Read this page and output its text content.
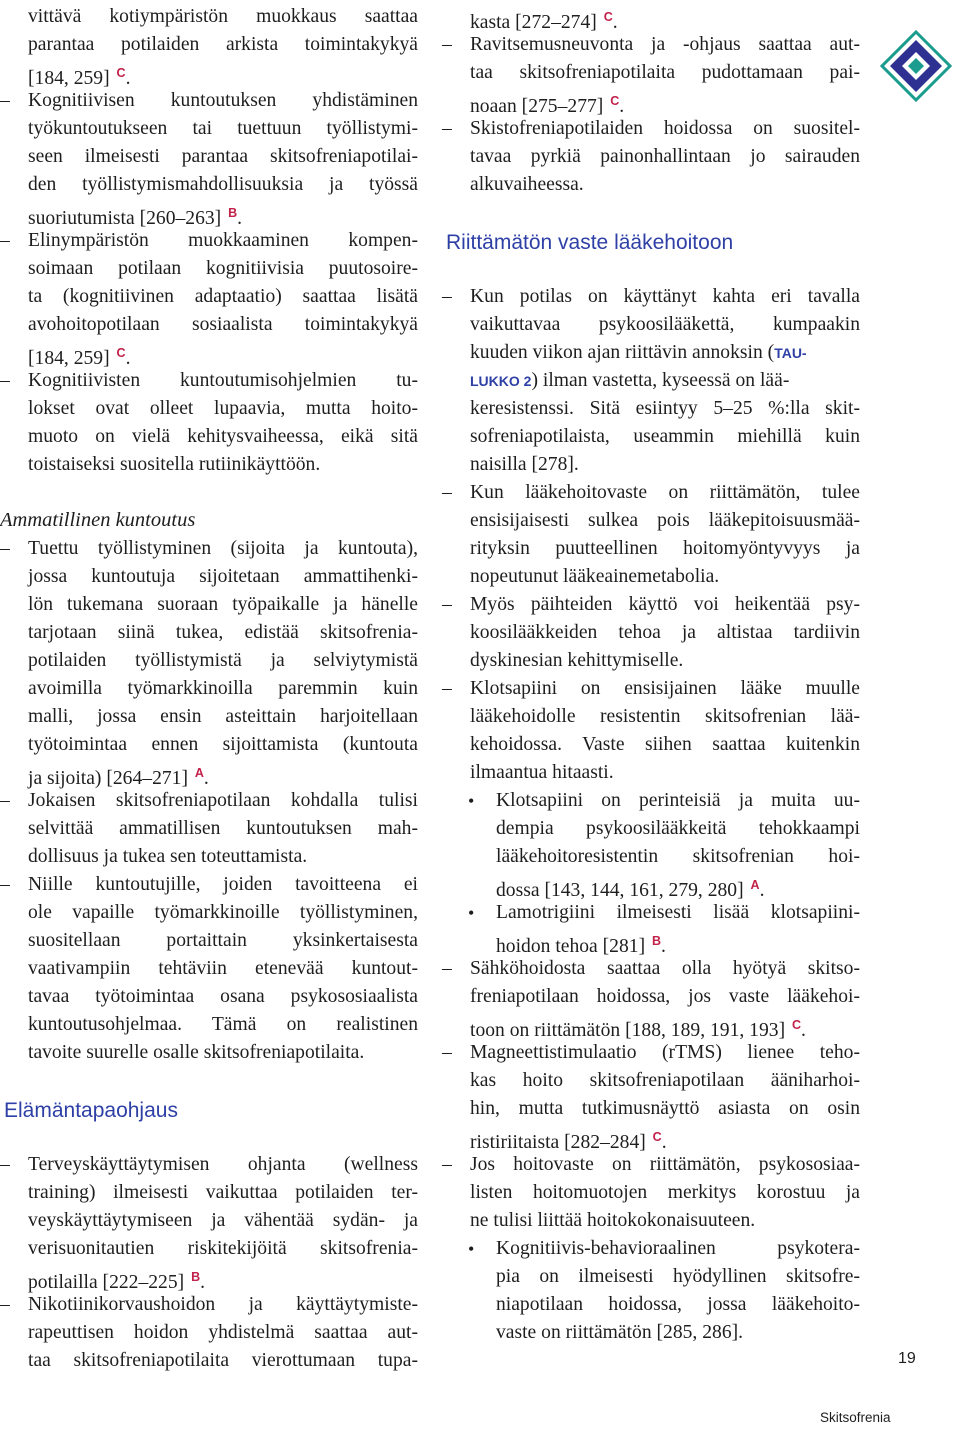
vittävä kotiympäristön muokkaus saattaa
parantaa potilaiden arkista toimintakykyä
[184, 259] $^C$.
– Kognitiivisen kuntoutuksen yhdistäminen
työkuntoutukseen tai tuettuun työllistymi-
seen ilmeisesti parantaa skitsofreniapotilai-
den työllistymismahdollisuuksia ja työssä
suoriutumista [260–263] $^B$.
– Elinympäristön muokkaaminen kompen-
soimaan potilaan kognitiivisia puutosoire-
ta (kognitiivinen adaptaatio) saattaa lisätä
avohoitopotilaan sosiaalista toimintakykyä
[184, 259] $^C$.
– Kognitiivisten kuntoutumisohjelmien tu-
lokset ovat olleet lupaavia, mutta hoito-
muoto on vielä kehitysvaiheessa, eikä sitä
toistaiseksi suositella rutiinikäyttöön.
Ammatillinen kuntoutus
– Tuettu työllistyminen (sijoita ja kuntouta),
jossa kuntoutuja sijoitetaan ammattihenki-
lön tukemana suoraan työpaikalle ja hänelle
tarjotaan siinä tukea, edistää skitsofrenia-
potilaiden työllistymistä ja selviytymistä
avoimilla työmarkkinoilla paremmin kuin
malli, jossa ensin asteittain harjoitellaan
työtoimintaa ennen sijoittamista (kuntouta
ja sijoita) [264–271] $^A$.
– Jokaisen skitsofreniapotilaan kohdalla tulisi
selvittää ammatillisen kuntoutuksen mah-
dollisuus ja tukea sen toteuttamista.
– Niille kuntoutujille, joiden tavoitteena ei
ole vapaille työmarkkinoille työllistyminen,
suositellaan portaittain yksinkertaisesta
vaativampiin tehtäviin etenevää kuntout-
tavaa työtoimintaa osana psykososiaalista
kuntoutusohjelmaa. Tämä on realistinen
tavoite suurelle osalle skitsofreniapotilaita.
Elämäntapaohjaus
– Terveyskäyttäytymisen ohjanta (wellness
training) ilmeisesti vaikuttaa potilaiden ter-
veyskäyttäytymiseen ja vähentää sydän- ja
verisuonitautien riskitekijöitä skitsofrenia-
potilailla [222–225] $^B$.
– Nikotiinikorvaushoidon ja käyttäytymiste-
rapeuttisen hoidon yhdistelmä saattaa aut-
taa skitsofreniapotilaita vierottumaan tupa-
kasta [272–274] $^C$.
– Ravitsemusneuvonta ja -ohjaus saattaa aut-
taa skitsofreniapotilaita pudottamaan pai-
noaan [275–277] $^C$.
– Skistofreniapotilaiden hoidossa on suositel-
tavaa pyrkiä painonhallintaan jo sairauden
alkuvaiheessa.
Riittämätön vaste lääkehoitoon
– Kun potilas on käyttänyt kahta eri tavalla
vaikuttavaa psykoosilääkettä, kumpaakin
kuuden viikon ajan riittävin annoksin (TAU-
LUKKO 2) ilman vastetta, kyseessä on lää-
keresistenssi. Sitä esiintyy 5–25 %:lla skit-
sofreniapotilaista, useammin miehillä kuin
naisilla [278].
– Kun lääkehoitovaste on riittämätön, tulee
ensisijaisesti sulkea pois lääkepitoisuusmää-
rityksin puutteellinen hoitomyöntyvyys ja
nopeutunut lääkeainemetabolia.
– Myös päihteiden käyttö voi heikentää psy-
koosilääkkeiden tehoa ja altistaa tardiivin
dyskinesian kehittymiselle.
– Klotsapiini on ensisijainen lääke muulle
lääkehoidolle resistentin skitsofrenian lää-
kehoidossa. Vaste siihen saattaa kuitenkin
ilmaantua hitaasti.
•	Klotsapiini on perinteisiä ja muita uu-
dempia psykoosilääkkeitä tehokkaampi
lääkehoitoresistentin skitsofrenian hoi-
dossa [143, 144, 161, 279, 280] $^A$.
•	Lamotrigiini ilmeisesti lisää klotsapiini-
hoidon tehoa [281] $^B$.
– Sähköhoidosta saattaa olla hyötyä skitso-
freniapotilaan hoidossa, jos vaste lääkehoi-
toon on riittämätön [188, 189, 191, 193] $^C$.
– Magneettistimulaatio (rTMS) lienee teho-
kas hoito skitsofreniapotilaan ääniharhoi-
hin, mutta tutkimusnäyttö asiasta on osin
ristiriitaista [282–284] $^C$.
– Jos hoitovaste on riittämätön, psykososiaa-
listen hoitomuotojen merkitys korostuu ja
ne tulisi liittää hoitokokonaisuuteen.
•	Kognitiivis-behavioraalinen psykotera-
pia on ilmeisesti hyödyllinen skitsofre-
niapotilaan hoidossa, jossa lääkehoito-
vaste on riittämätön [285, 286].
19
Skitsofrenia
